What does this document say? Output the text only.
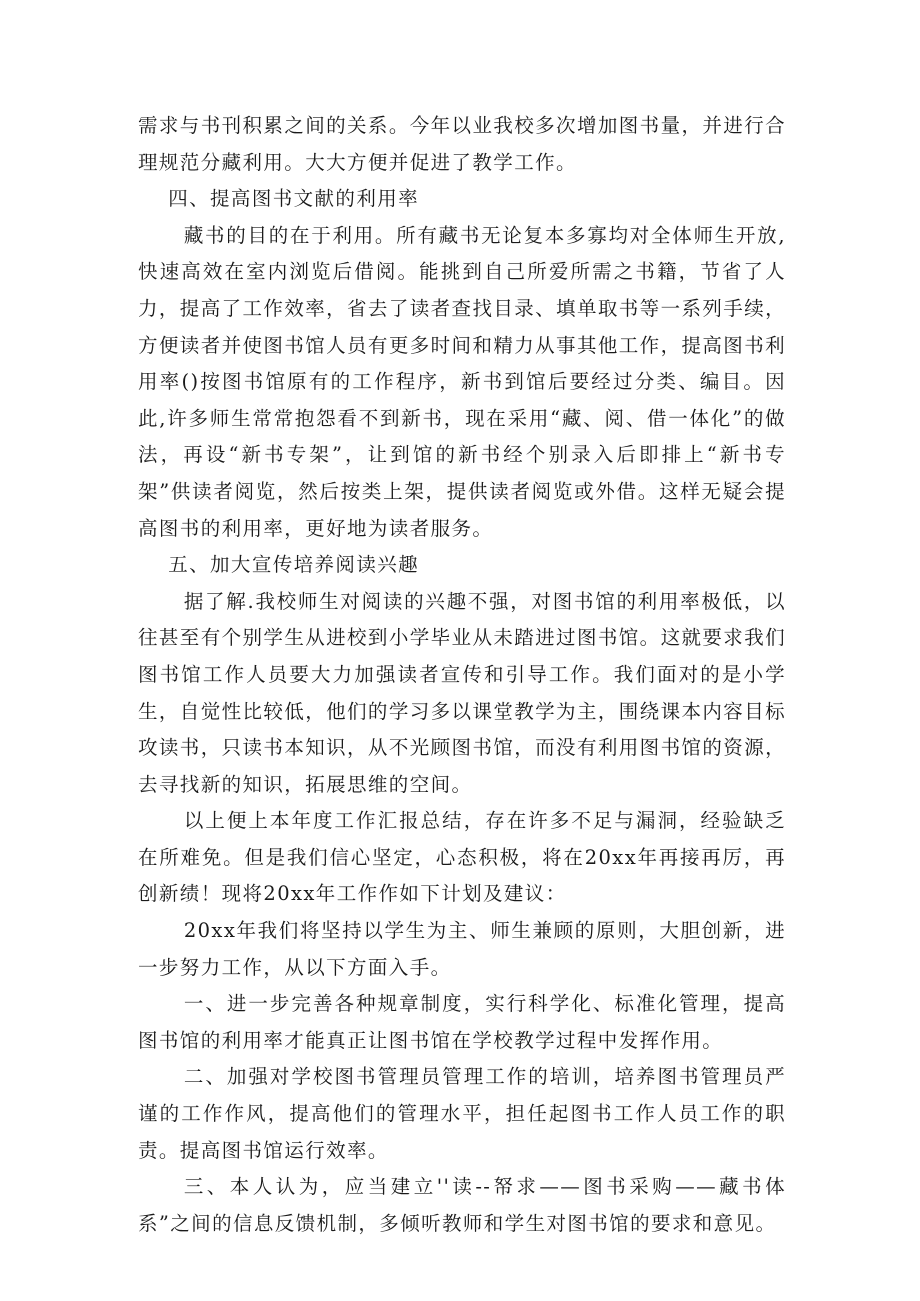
需求与书刊积累之间的关系。今年以业我校多次增加图书量，并进行合理规范分藏利用。大大方便并促进了教学工作。

四、提高图书文献的利用率

藏书的目的在于利用。所有藏书无论复本多寡均对全体师生开放,快速高效在室内浏览后借阅。能挑到自己所爱所需之书籍，节省了人力，提高了工作效率，省去了读者查找目录、填单取书等一系列手续，方便读者并使图书馆人员有更多时间和精力从事其他工作，提高图书利用率()按图书馆原有的工作程序，新书到馆后要经过分类、编目。因此,许多师生常常抱怨看不到新书，现在采用“藏、阅、借一体化”的做法，再设“新书专架”，让到馆的新书经个别录入后即排上“新书专架”供读者阅览，然后按类上架，提供读者阅览或外借。这样无疑会提高图书的利用率，更好地为读者服务。

五、加大宣传培养阅读兴趣

据了解.我校师生对阅读的兴趣不强，对图书馆的利用率极低，以往甚至有个别学生从进校到小学毕业从未踏进过图书馆。这就要求我们图书馆工作人员要大力加强读者宣传和引导工作。我们面对的是小学生，自觉性比较低，他们的学习多以课堂教学为主，围绕课本内容目标攻读书，只读书本知识，从不光顾图书馆，而没有利用图书馆的资源，去寻找新的知识，拓展思维的空间。

以上便上本年度工作汇报总结，存在许多不足与漏洞，经验缺乏在所难免。但是我们信心坚定，心态积极，将在20xx年再接再厉，再创新绩！现将20xx年工作作如下计划及建议：

20xx年我们将坚持以学生为主、师生兼顾的原则，大胆创新，进一步努力工作，从以下方面入手。

一、进一步完善各种规章制度，实行科学化、标准化管理，提高图书馆的利用率才能真正让图书馆在学校教学过程中发挥作用。

二、加强对学校图书管理员管理工作的培训，培养图书管理员严谨的工作作风，提高他们的管理水平，担任起图书工作人员工作的职责。提高图书馆运行效率。

三、本人认为，应当建立''读--帑求——图书采购——藏书体系”之间的信息反馈机制，多倾听教师和学生对图书馆的要求和意见。
